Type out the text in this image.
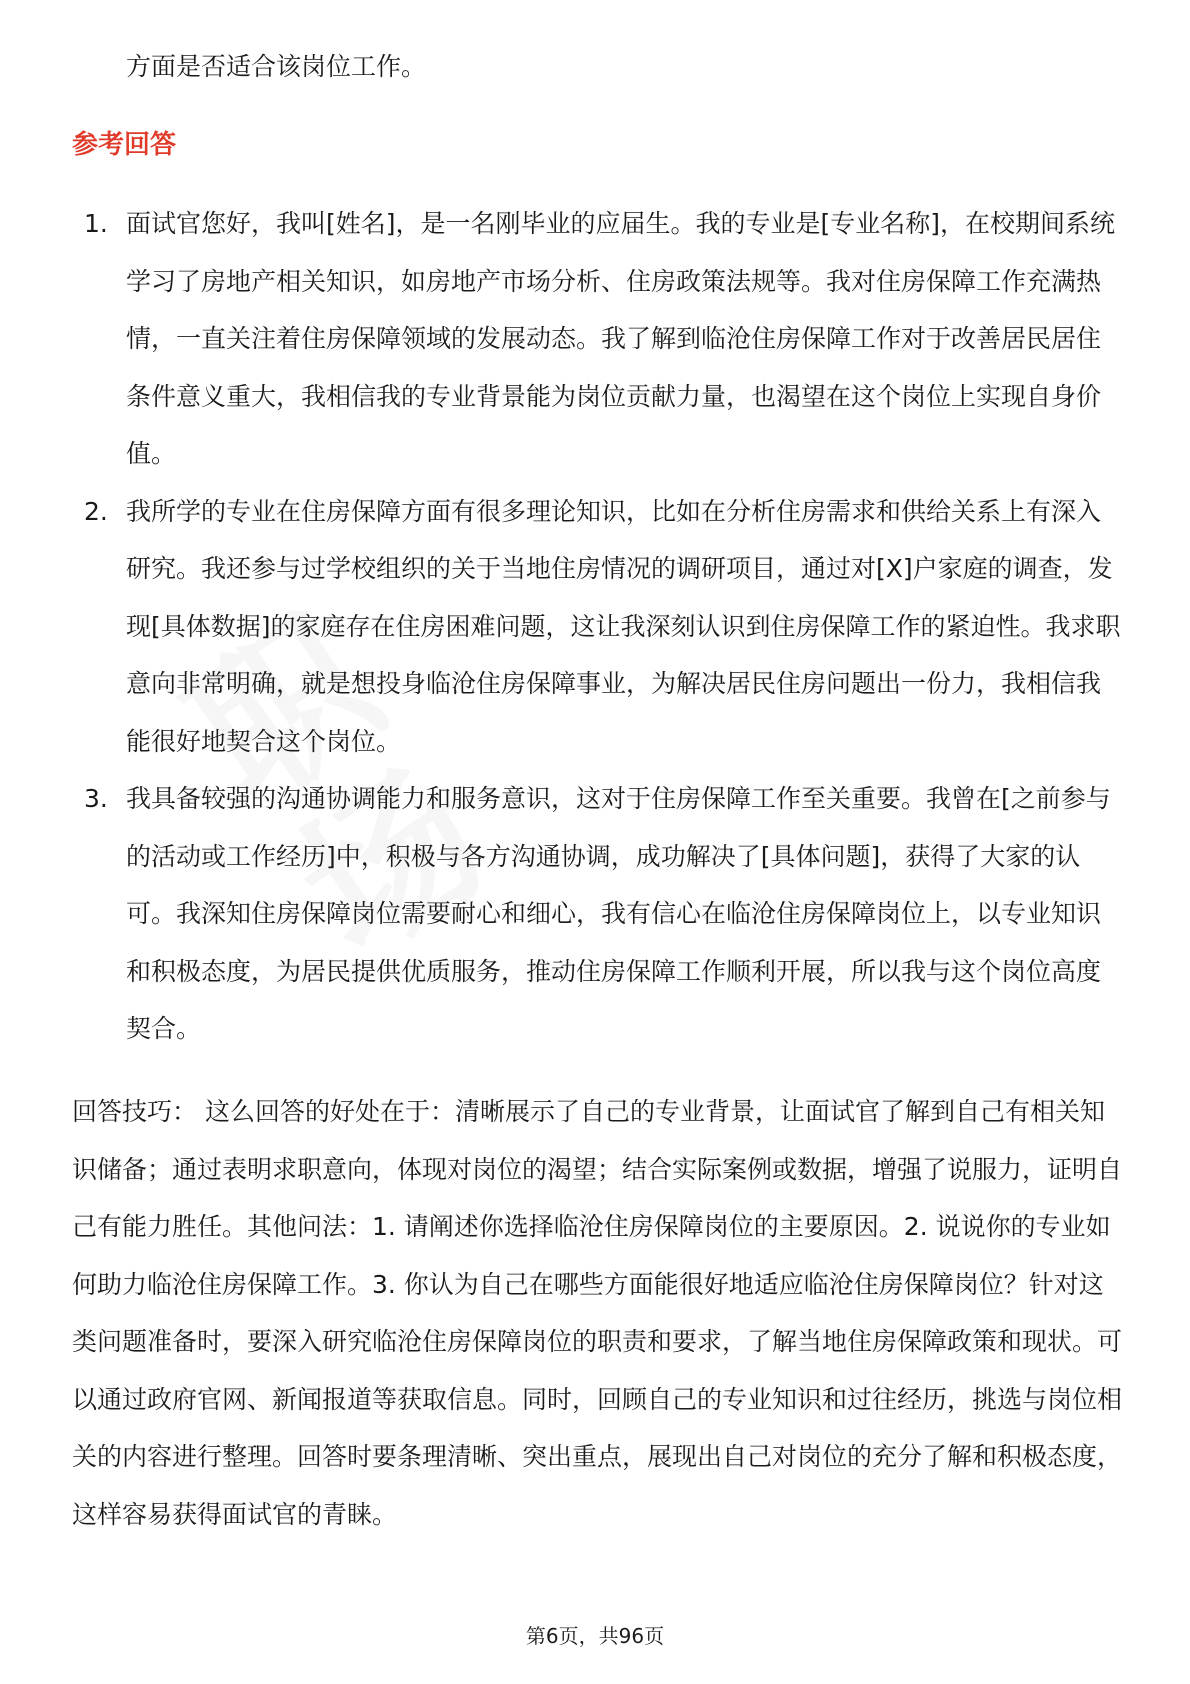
方面是否适合该岗位工作。
参考回答
1. 面试官您好，我叫[姓名]，是一名刚毕业的应届生。我的专业是[专业名称]，在校期间系统学习了房地产相关知识，如房地产市场分析、住房政策法规等。我对住房保障工作充满热情，一直关注着住房保障领域的发展动态。我了解到临沧住房保障工作对于改善居民居住条件意义重大，我相信我的专业背景能为岗位贡献力量，也渴望在这个岗位上实现自身价值。
2. 我所学的专业在住房保障方面有很多理论知识，比如在分析住房需求和供给关系上有深入研究。我还参与过学校组织的关于当地住房情况的调研项目，通过对[X]户家庭的调查，发现[具体数据]的家庭存在住房困难问题，这让我深刻认识到住房保障工作的紧迫性。我求职意向非常明确，就是想投身临沧住房保障事业，为解决居民住房问题出一份力，我相信我能很好地契合这个岗位。
3. 我具备较强的沟通协调能力和服务意识，这对于住房保障工作至关重要。我曾在[之前参与的活动或工作经历]中，积极与各方沟通协调，成功解决了[具体问题]，获得了大家的认可。我深知住房保障岗位需要耐心和细心，我有信心在临沧住房保障岗位上，以专业知识和积极态度，为居民提供优质服务，推动住房保障工作顺利开展，所以我与这个岗位高度契合。

回答技巧： 这么回答的好处在于：清晰展示了自己的专业背景，让面试官了解到自己有相关知识储备；通过表明求职意向，体现对岗位的渴望；结合实际案例或数据，增强了说服力，证明自己有能力胜任。其他问法：1. 请阐述你选择临沧住房保障岗位的主要原因。2. 说说你的专业如何助力临沧住房保障工作。3. 你认为自己在哪些方面能很好地适应临沧住房保障岗位？针对这类问题准备时，要深入研究临沧住房保障岗位的职责和要求，了解当地住房保障政策和现状。可以通过政府官网、新闻报道等获取信息。同时，回顾自己的专业知识和过往经历，挑选与岗位相关的内容进行整理。回答时要条理清晰、突出重点，展现出自己对岗位的充分了解和积极态度，这样容易获得面试官的青睐。

第6页，共96页
